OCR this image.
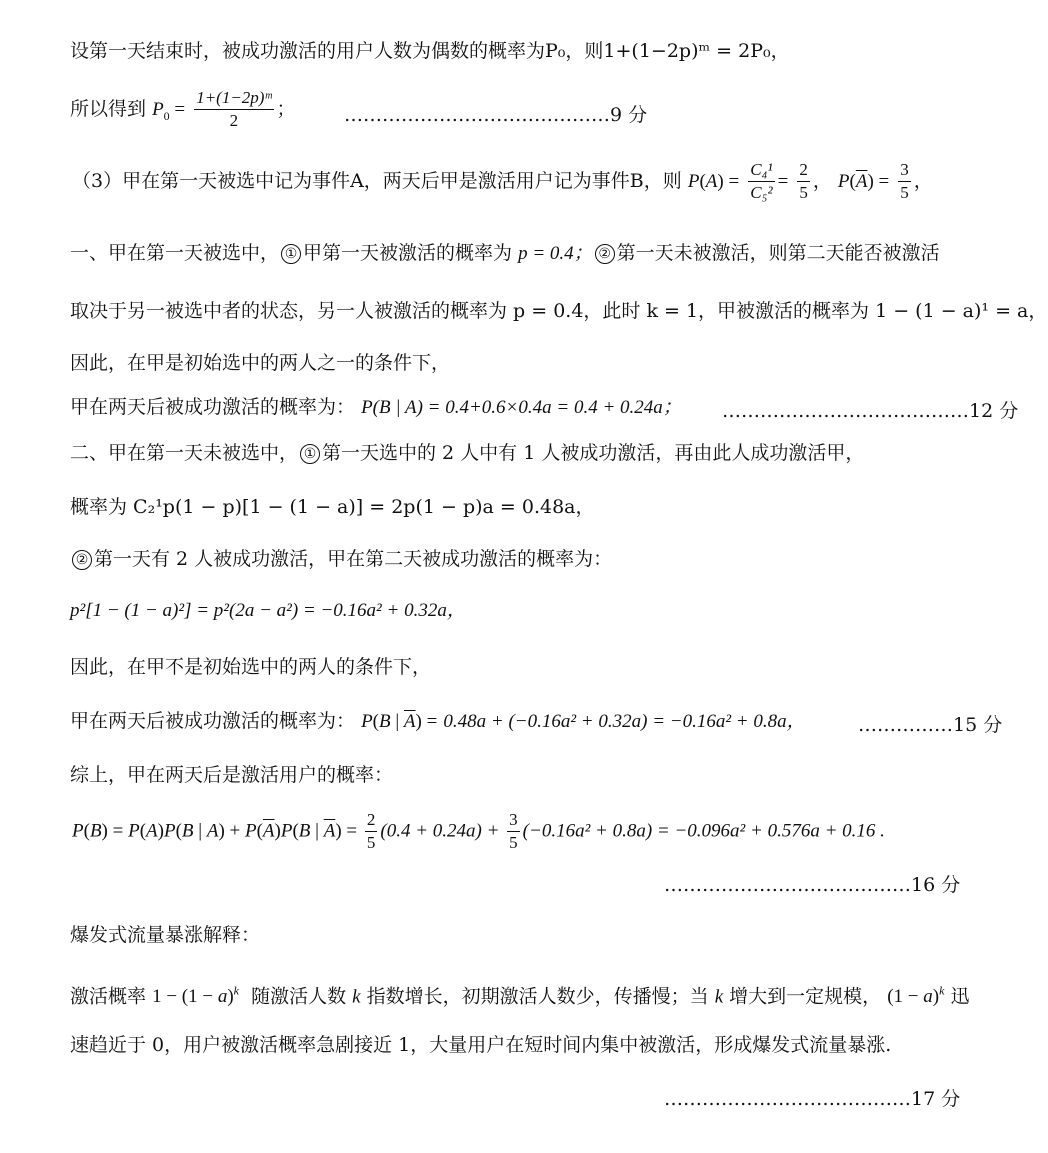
设第一天结束时，被成功激活的用户人数为偶数的概率为P₀，则1+(1−2p)ᵐ = 2P₀，
所以得到 $P_0 = \frac{\text{1+(1−2p)ᵐ}}{2}$ ；	……………………………………9 分
（3）甲在第一天被选中记为事件A，两天后甲是激活用户记为事件B，则 $P(A) = \frac{\text{C₄¹}}{\text{C₅²}} = \frac{2}{5}$ ， $P(\overline{A}) = \frac{3}{5}$ ，
一、甲在第一天被选中， ① 甲第一天被激活的概率为 p = 0.4； ② 第一天未被激活，则第二天能否被激活
取决于另一被选中者的状态，另一人被激活的概率为 p = 0.4，此时 k = 1，甲被激活的概率为 1 − (1 − a)¹ = a，
因此，在甲是初始选中的两人之一的条件下，
甲在两天后被成功激活的概率为： P(B | A) = 0.4+0.6×0.4a = 0.4 + 0.24a； …………………………………12 分
二、甲在第一天未被选中， ① 第一天选中的 2 人中有 1 人被成功激活，再由此人成功激活甲，
概率为 C₂¹p(1 − p)[1 − (1 − a)] = 2p(1 − p)a = 0.48a，
② 第一天有 2 人被成功激活，甲在第二天被成功激活的概率为：
p²[1 − (1 − a)²] = p²(2a − a²) = −0.16a² + 0.32a，
因此，在甲不是初始选中的两人的条件下，
甲在两天后被成功激活的概率为： P(B | $\overline{A}) = 0.48a + (-0.16a^2 + 0.32a) = -0.16a^2 + 0.8a$，	……………15 分
综上，甲在两天后是激活用户的概率：
P(B) = P(A)P(B | $A) + P(\overline{A})P(B$ | $\overline{A}) = \frac{2}{5} (0.4 + 0.24a) + \frac{3}{5} (-0.16a^2 + 0.8a) = -0.096a^2 + 0.576a + 0.16$ .
…………………………………16 分
爆发式流量暴涨解释：
激活概率 $1 - (1 - a)^k$ 随激活人数 k 指数增长，初期激活人数少，传播慢；当 k 增大到一定规模， $(1 - a)^k$ 迅
速趋近于 0，用户被激活概率急剧接近 1，大量用户在短时间内集中被激活，形成爆发式流量暴涨.
…………………………………17 分
